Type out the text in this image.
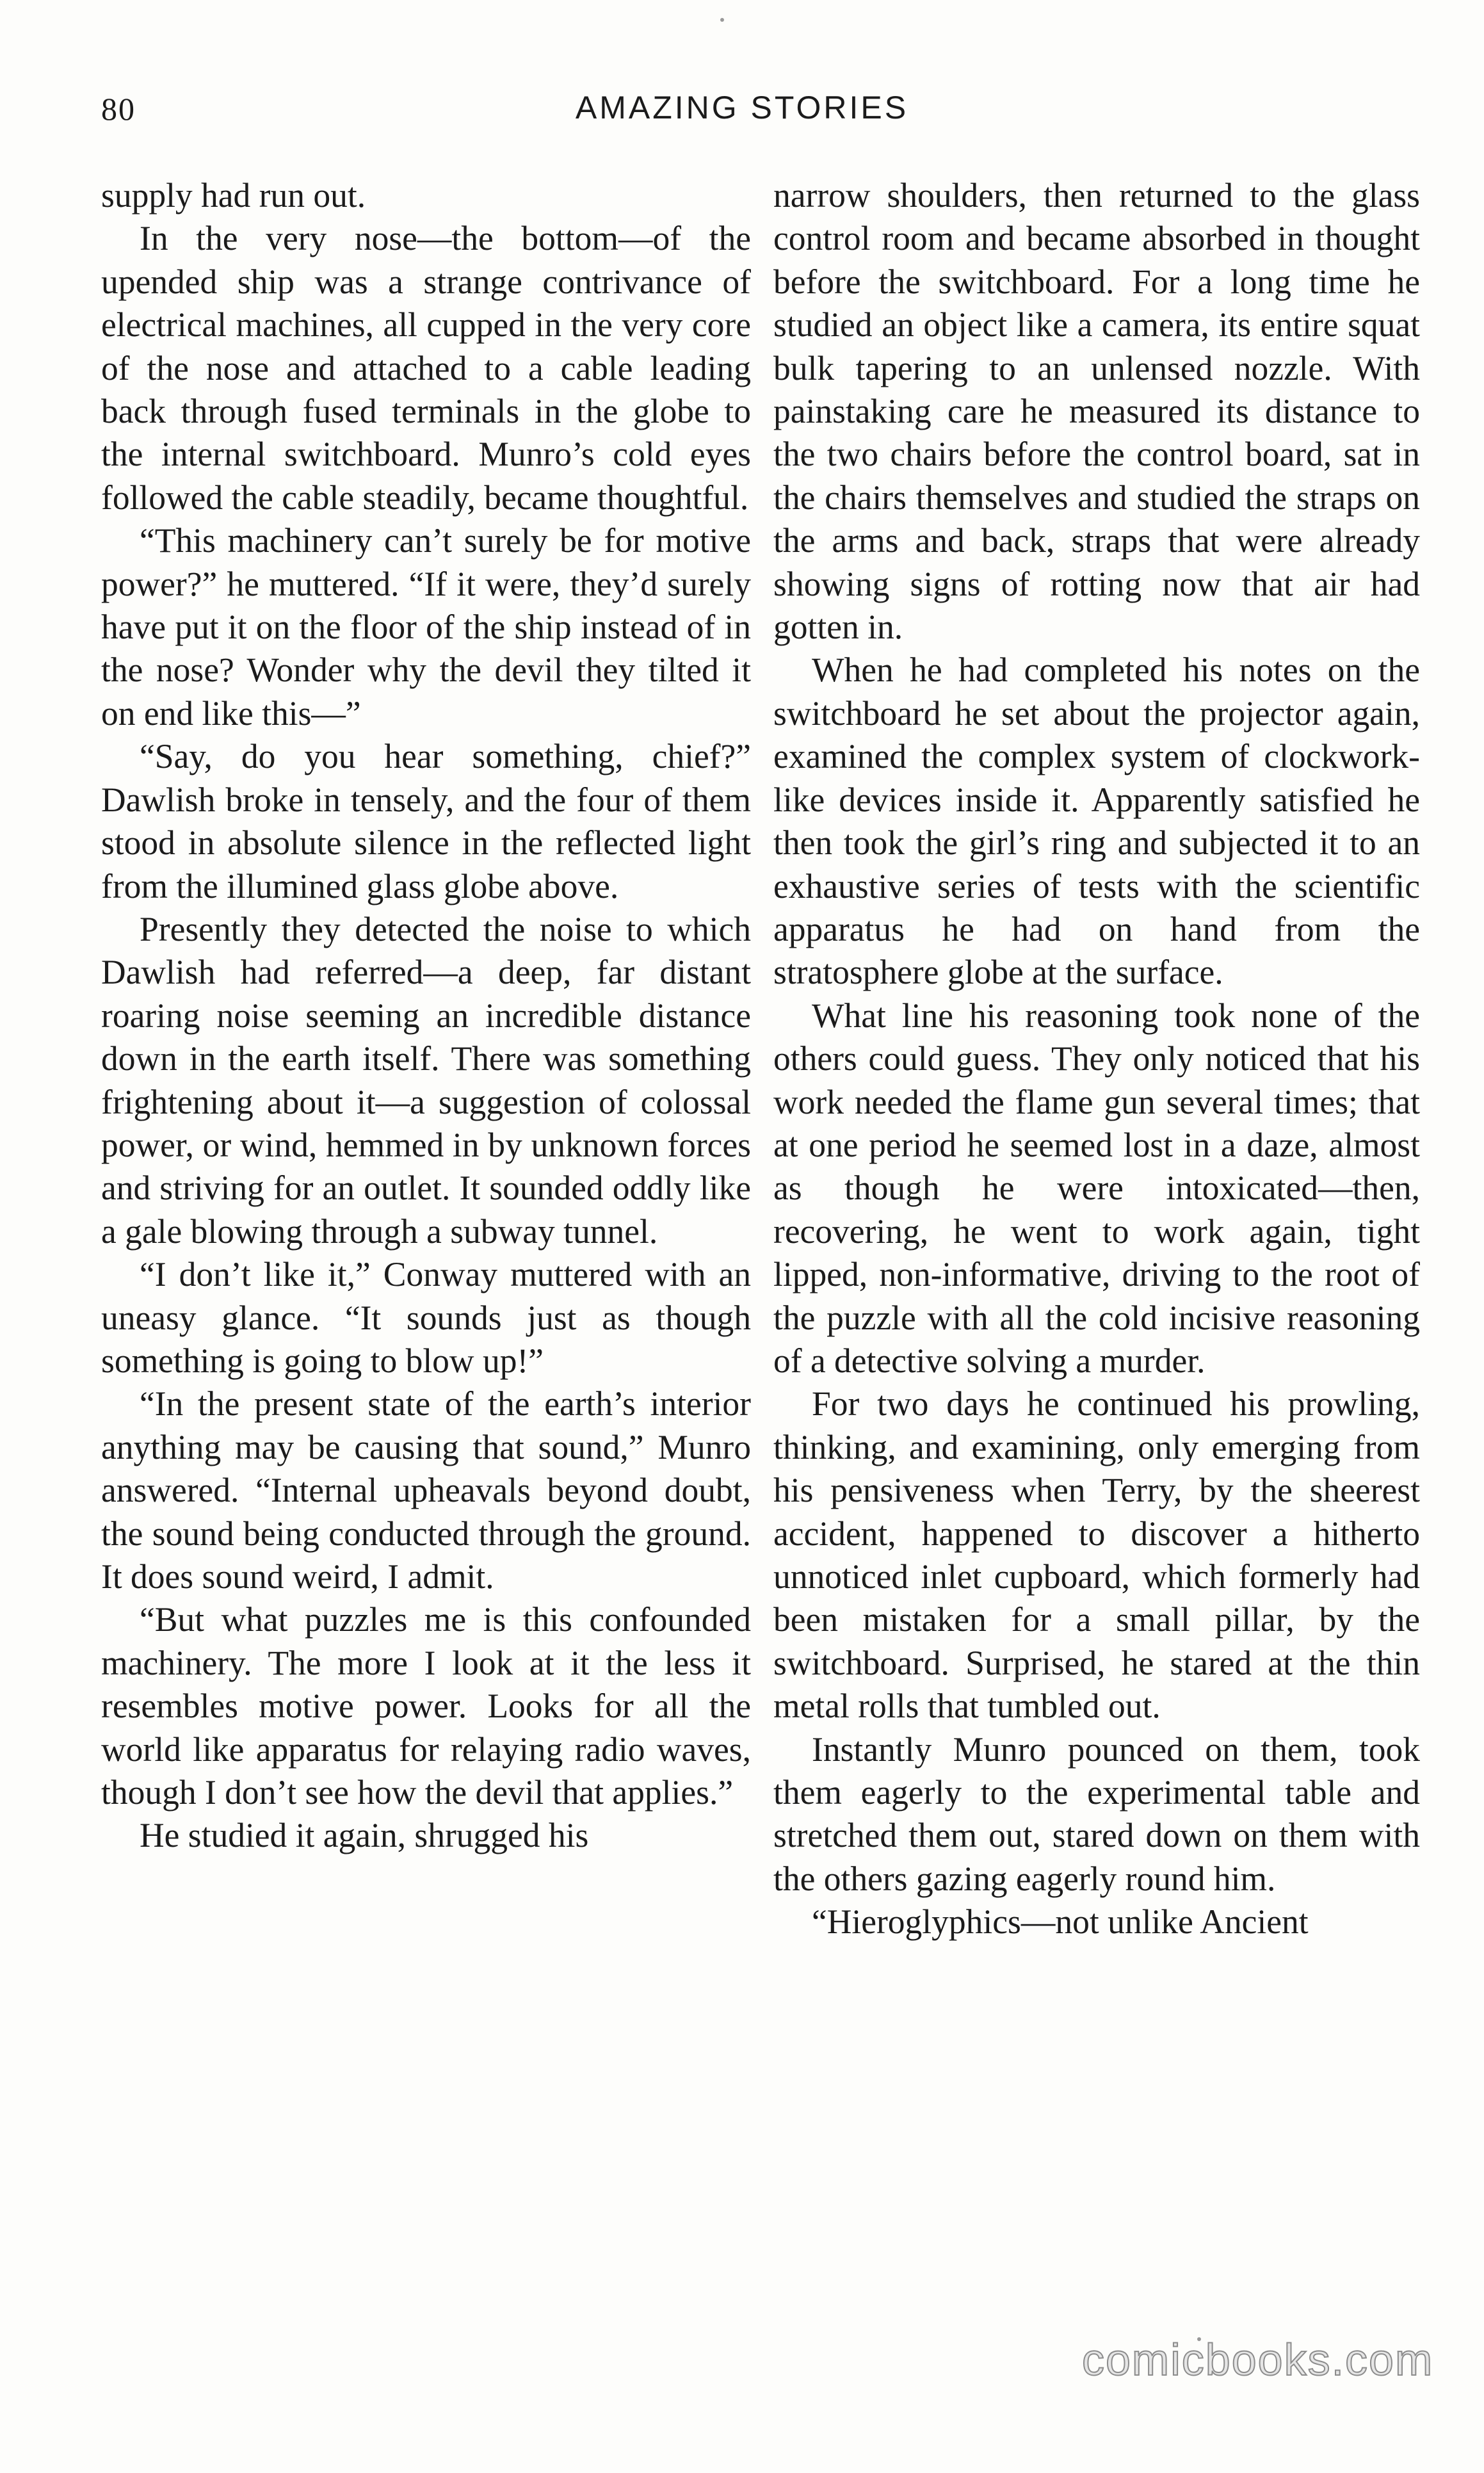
80	AMAZING STORIES

supply had run out.

In the very nose—the bottom—of the upended ship was a strange contrivance of electrical machines, all cupped in the very core of the nose and attached to a cable leading back through fused terminals in the globe to the internal switchboard. Munro’s cold eyes followed the cable steadily, became thoughtful.

“This machinery can’t surely be for motive power?” he muttered. “If it were, they’d surely have put it on the floor of the ship instead of in the nose? Wonder why the devil they tilted it on end like this—”

“Say, do you hear something, chief?” Dawlish broke in tensely, and the four of them stood in absolute silence in the reflected light from the illumined glass globe above.

Presently they detected the noise to which Dawlish had referred—a deep, far distant roaring noise seeming an incredible distance down in the earth itself. There was something frightening about it—a suggestion of colossal power, or wind, hemmed in by unknown forces and striving for an outlet. It sounded oddly like a gale blowing through a subway tunnel.

“I don’t like it,” Conway muttered with an uneasy glance. “It sounds just as though something is going to blow up!”

“In the present state of the earth’s interior anything may be causing that sound,” Munro answered. “Internal upheavals beyond doubt, the sound being conducted through the ground. It does sound weird, I admit.

“But what puzzles me is this confounded machinery. The more I look at it the less it resembles motive power. Looks for all the world like apparatus for relaying radio waves, though I don’t see how the devil that applies.”

He studied it again, shrugged his

narrow shoulders, then returned to the glass control room and became absorbed in thought before the switchboard. For a long time he studied an object like a camera, its entire squat bulk tapering to an unlensed nozzle. With painstaking care he measured its distance to the two chairs before the control board, sat in the chairs themselves and studied the straps on the arms and back, straps that were already showing signs of rotting now that air had gotten in.

When he had completed his notes on the switchboard he set about the projector again, examined the complex system of clockwork-like devices inside it. Apparently satisfied he then took the girl’s ring and subjected it to an exhaustive series of tests with the scientific apparatus he had on hand from the stratosphere globe at the surface.

What line his reasoning took none of the others could guess. They only noticed that his work needed the flame gun several times; that at one period he seemed lost in a daze, almost as though he were intoxicated—then, recovering, he went to work again, tight lipped, non-informative, driving to the root of the puzzle with all the cold incisive reasoning of a detective solving a murder.

For two days he continued his prowling, thinking, and examining, only emerging from his pensiveness when Terry, by the sheerest accident, happened to discover a hitherto unnoticed inlet cupboard, which formerly had been mistaken for a small pillar, by the switchboard. Surprised, he stared at the thin metal rolls that tumbled out.

Instantly Munro pounced on them, took them eagerly to the experimental table and stretched them out, stared down on them with the others gazing eagerly round him.

“Hieroglyphics—not unlike Ancient

comicbooks.com
